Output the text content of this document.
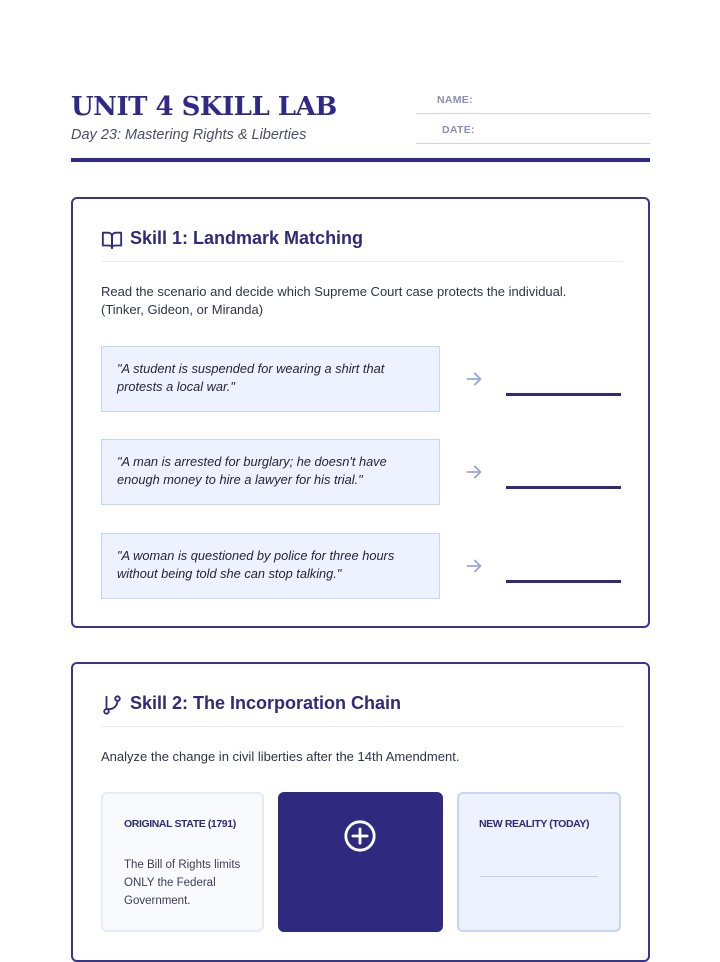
UNIT 4 SKILL LAB
Day 23: Mastering Rights & Liberties
NAME:
DATE:
Skill 1: Landmark Matching
Read the scenario and decide which Supreme Court case protects the individual. (Tinker, Gideon, or Miranda)
"A student is suspended for wearing a shirt that protests a local war."
"A man is arrested for burglary; he doesn't have enough money to hire a lawyer for his trial."
"A woman is questioned by police for three hours without being told she can stop talking."
Skill 2: The Incorporation Chain
Analyze the change in civil liberties after the 14th Amendment.
ORIGINAL STATE (1791)
The Bill of Rights limits ONLY the Federal Government.
NEW REALITY (TODAY)
